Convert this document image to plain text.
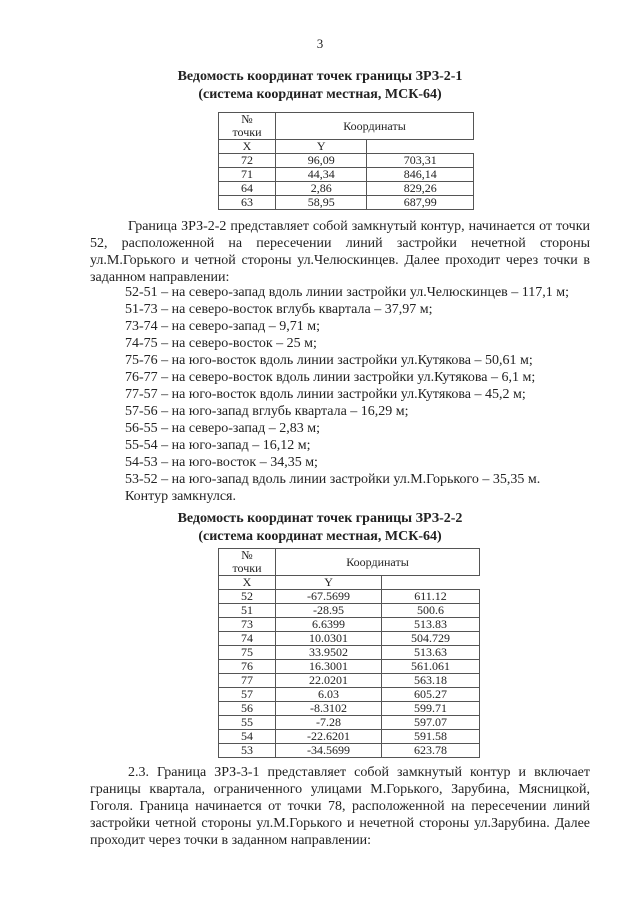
3
Ведомость координат точек границы ЗРЗ-2-1
(система координат местная, МСК-64)
№
точки	Координаты	
X	Y	
72	96,09	703,31
71	44,34	846,14
64	2,86	829,26
63	58,95	687,99

Граница ЗРЗ-2-2 представляет собой замкнутый контур, начинается от точки 52, расположенной на пересечении линий застройки нечетной стороны ул.М.Горького и четной стороны ул.Челюскинцев. Далее проходит через точки в заданном направлении:

52-51 – на северо-запад вдоль линии застройки ул.Челюскинцев – 117,1 м;
51-73 – на северо-восток вглубь квартала – 37,97 м;
73-74 – на северо-запад – 9,71 м;
74-75 – на северо-восток – 25 м;
75-76 – на юго-восток вдоль линии застройки ул.Кутякова – 50,61 м;
76-77 – на северо-восток вдоль линии застройки ул.Кутякова – 6,1 м;
77-57 – на юго-восток вдоль линии застройки ул.Кутякова – 45,2 м;
57-56 – на юго-запад вглубь квартала – 16,29 м;
56-55 – на северо-запад – 2,83 м;
55-54 – на юго-запад – 16,12 м;
54-53 – на юго-восток – 34,35 м;
53-52 – на юго-запад вдоль линии застройки ул.М.Горького – 35,35 м.
Контур замкнулся.
Ведомость координат точек границы ЗРЗ-2-2
(система координат местная, МСК-64)
№
точки	Координаты	
X	Y	
52	-67.5699	611.12
51	-28.95	500.6
73	6.6399	513.83
74	10.0301	504.729
75	33.9502	513.63
76	16.3001	561.061
77	22.0201	563.18
57	6.03	605.27
56	-8.3102	599.71
55	-7.28	597.07
54	-22.6201	591.58
53	-34.5699	623.78

2.3. Граница ЗРЗ-3-1 представляет собой замкнутый контур и включает границы квартала, ограниченного улицами М.Горького, Зарубина, Мясницкой, Гоголя. Граница начинается от точки 78, расположенной на пересечении линий застройки четной стороны ул.М.Горького и нечетной стороны ул.Зарубина. Далее проходит через точки в заданном направлении:
